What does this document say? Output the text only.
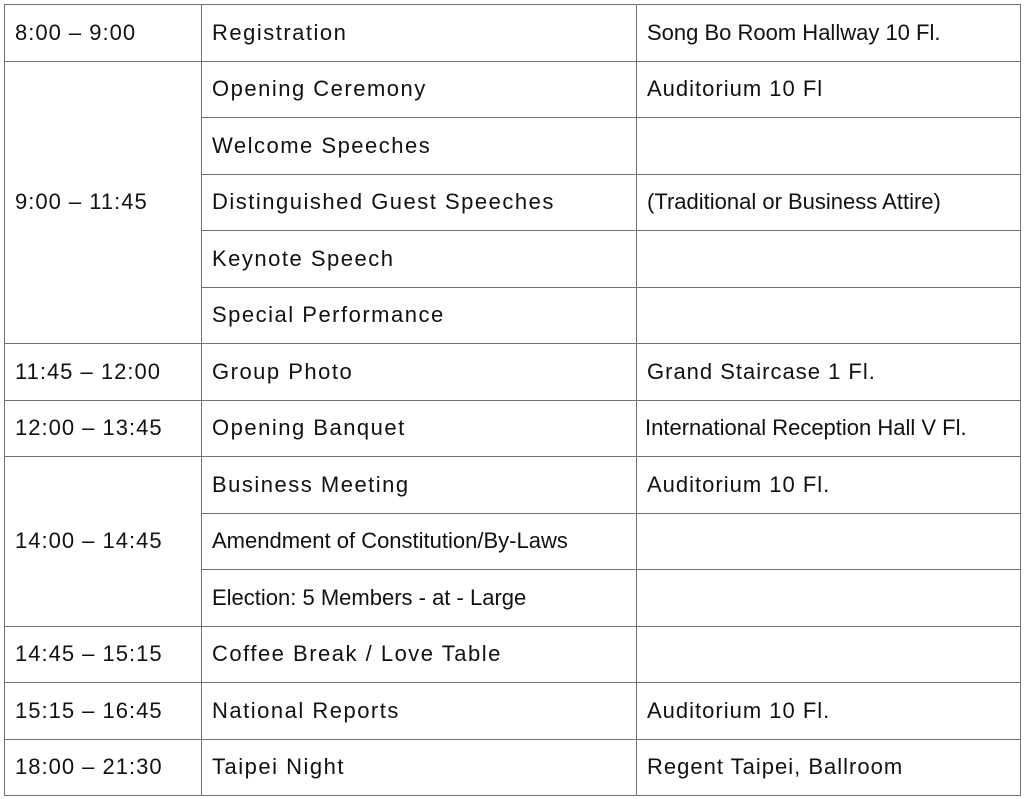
8:00 – 9:00	Registration	Song Bo Room Hallway 10 Fl.
9:00 – 11:45	Opening Ceremony	Auditorium 10 Fl
	Welcome Speeches	
	Distinguished Guest Speeches	(Traditional or Business Attire)
	Keynote Speech	
	Special Performance	
11:45 – 12:00	Group Photo	Grand Staircase 1 Fl.
12:00 – 13:45	Opening Banquet	International Reception Hall V Fl.
14:00 – 14:45	Business Meeting	Auditorium 10 Fl.
	Amendment of Constitution/By-Laws	
	Election: 5 Members - at - Large	
14:45 – 15:15	Coffee Break / Love Table	
15:15 – 16:45	National Reports	Auditorium 10 Fl.
18:00 – 21:30	Taipei Night	Regent Taipei, Ballroom
